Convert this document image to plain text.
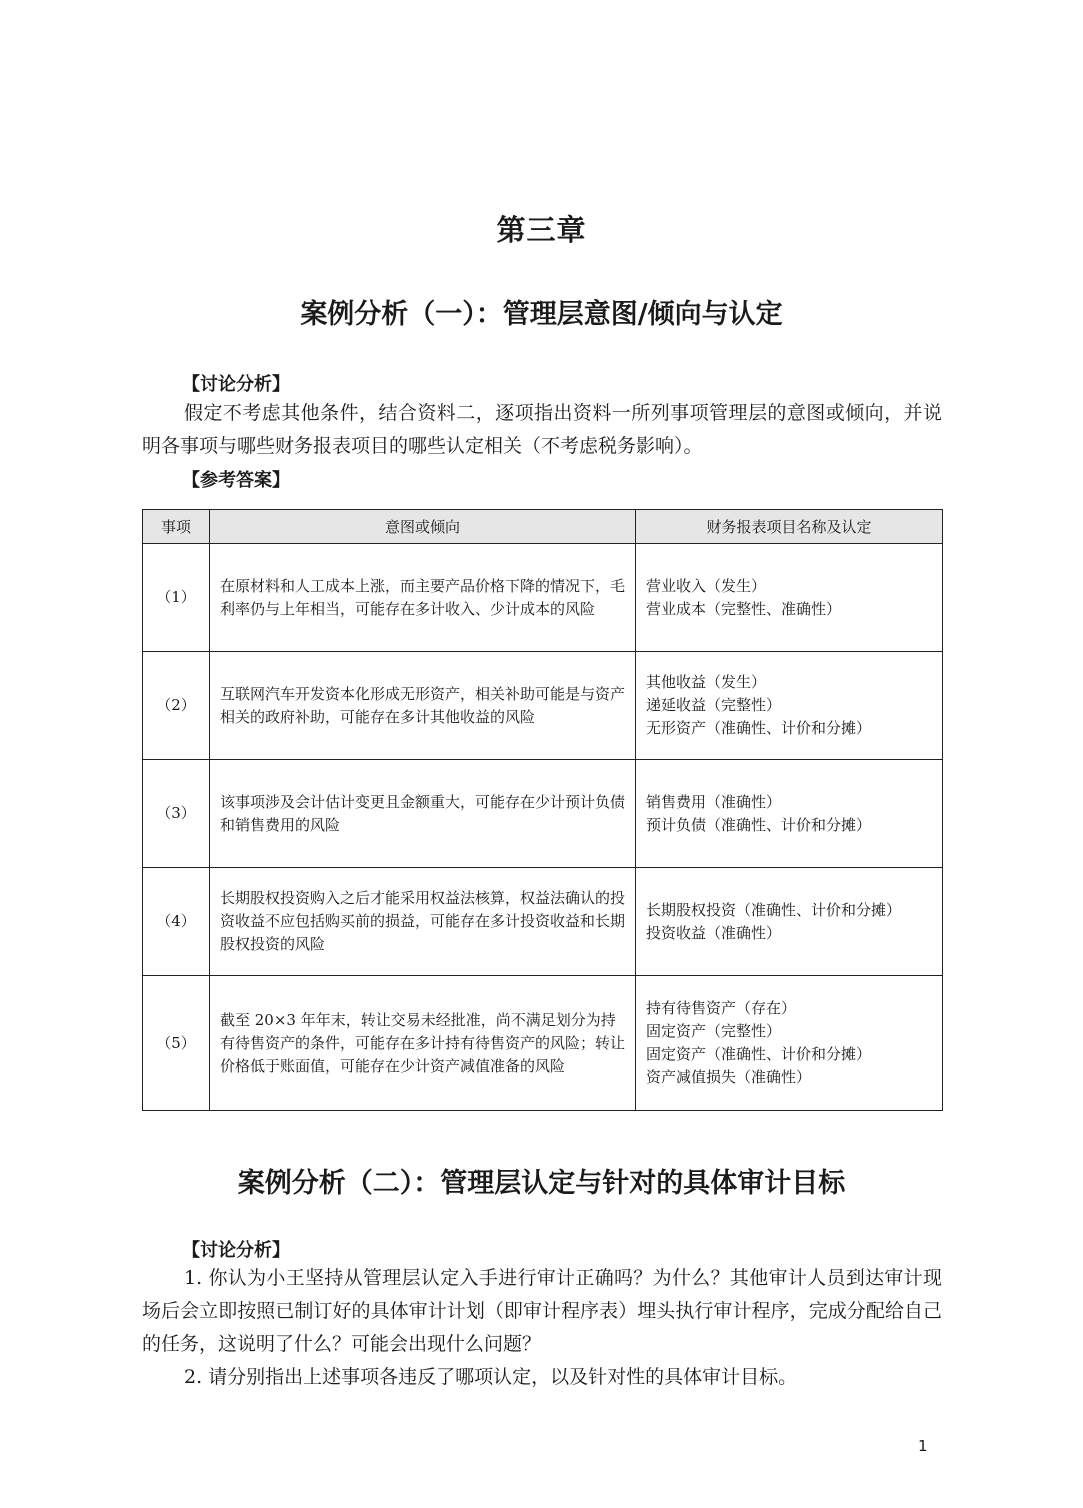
第三章
案例分析（一）：管理层意图/倾向与认定
【讨论分析】
假定不考虑其他条件，结合资料二，逐项指出资料一所列事项管理层的意图或倾向，并说明各事项与哪些财务报表项目的哪些认定相关（不考虑税务影响）。
【参考答案】
事项	意图或倾向	财务报表项目名称及认定
（1）	在原材料和人工成本上涨，而主要产品价格下降的情况下，毛利率仍与上年相当，可能存在多计收入、少计成本的风险	营业收入（发生）
营业成本（完整性、准确性）

（2）	互联网汽车开发资本化形成无形资产，相关补助可能是与资产相关的政府补助，可能存在多计其他收益的风险	其他收益（发生）
递延收益（完整性）
无形资产（准确性、计价和分摊）

（3）	该事项涉及会计估计变更且金额重大，可能存在少计预计负债和销售费用的风险	销售费用（准确性）
预计负债（准确性、计价和分摊）

（4）	长期股权投资购入之后才能采用权益法核算，权益法确认的投资收益不应包括购买前的损益，可能存在多计投资收益和长期股权投资的风险	长期股权投资（准确性、计价和分摊）
投资收益（准确性）

（5）	截至 20×3 年年末，转让交易未经批准，尚不满足划分为持有待售资产的条件，可能存在多计持有待售资产的风险；转让价格低于账面值，可能存在少计资产减值准备的风险	持有待售资产（存在）
固定资产（完整性）
固定资产（准确性、计价和分摊）
资产减值损失（准确性）
案例分析（二）：管理层认定与针对的具体审计目标
【讨论分析】
1. 你认为小王坚持从管理层认定入手进行审计正确吗？为什么？其他审计人员到达审计现场后会立即按照已制订好的具体审计计划（即审计程序表）埋头执行审计程序，完成分配给自己的任务，这说明了什么？可能会出现什么问题？
2. 请分别指出上述事项各违反了哪项认定，以及针对性的具体审计目标。
1
